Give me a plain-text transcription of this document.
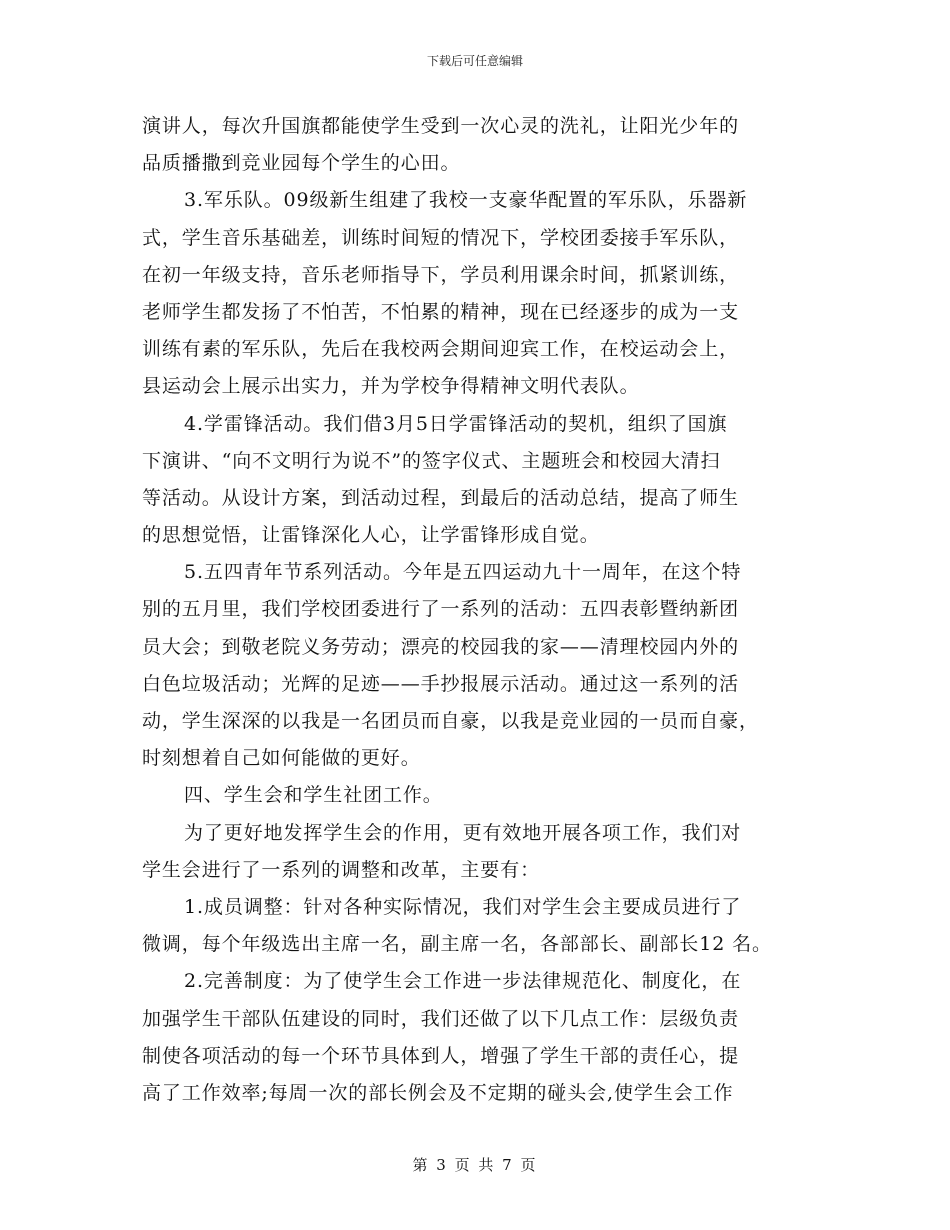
下载后可任意编辑
演讲人，每次升国旗都能使学生受到一次心灵的洗礼，让阳光少年的
品质播撒到竞业园每个学生的心田。
3.军乐队。09级新生组建了我校一支豪华配置的军乐队，乐器新
式，学生音乐基础差，训练时间短的情况下，学校团委接手军乐队，
在初一年级支持，音乐老师指导下，学员利用课余时间，抓紧训练，
老师学生都发扬了不怕苦，不怕累的精神，现在已经逐步的成为一支
训练有素的军乐队，先后在我校两会期间迎宾工作，在校运动会上，
县运动会上展示出实力，并为学校争得精神文明代表队。
4.学雷锋活动。我们借3月5日学雷锋活动的契机，组织了国旗
下演讲、“向不文明行为说不”的签字仪式、主题班会和校园大清扫
等活动。从设计方案，到活动过程，到最后的活动总结，提高了师生
的思想觉悟，让雷锋深化人心，让学雷锋形成自觉。
5.五四青年节系列活动。今年是五四运动九十一周年，在这个特
别的五月里，我们学校团委进行了一系列的活动：五四表彰暨纳新团
员大会；到敬老院义务劳动；漂亮的校园我的家——清理校园内外的
白色垃圾活动；光辉的足迹——手抄报展示活动。通过这一系列的活
动，学生深深的以我是一名团员而自豪，以我是竞业园的一员而自豪，
时刻想着自己如何能做的更好。
四、学生会和学生社团工作。
为了更好地发挥学生会的作用，更有效地开展各项工作，我们对
学生会进行了一系列的调整和改革，主要有：
1.成员调整：针对各种实际情况，我们对学生会主要成员进行了
微调，每个年级选出主席一名，副主席一名，各部部长、副部长12 名。
2.完善制度：为了使学生会工作进一步法律规范化、制度化，在
加强学生干部队伍建设的同时，我们还做了以下几点工作：层级负责
制使各项活动的每一个环节具体到人，增强了学生干部的责任心，提
高了工作效率;每周一次的部长例会及不定期的碰头会,使学生会工作
第 3 页 共 7 页
